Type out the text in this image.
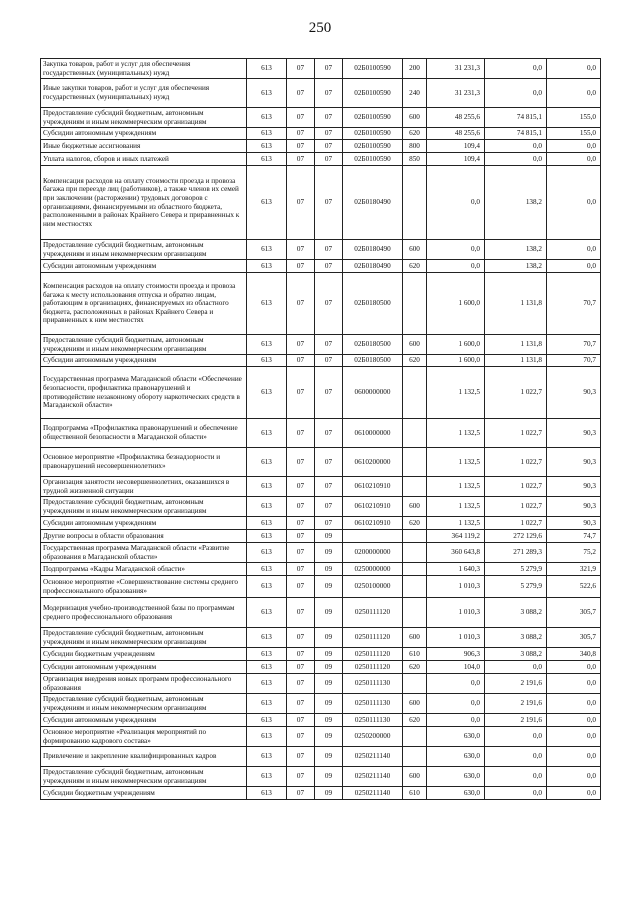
250
Закупка товаров, работ и услуг для обеспечения государственных (муниципальных) нужд	613	07	07	02Б0100590	200	31 231,3	0,0	0,0
Иные закупки товаров, работ и услуг для обеспечения государственных (муниципальных) нужд	613	07	07	02Б0100590	240	31 231,3	0,0	0,0
Предоставление субсидий бюджетным, автономным учреждениям и иным некоммерческим организациям	613	07	07	02Б0100590	600	48 255,6	74 815,1	155,0
Субсидии автономным учреждениям	613	07	07	02Б0100590	620	48 255,6	74 815,1	155,0
Иные бюджетные ассигнования	613	07	07	02Б0100590	800	109,4	0,0	0,0
Уплата налогов, сборов и иных платежей	613	07	07	02Б0100590	850	109,4	0,0	0,0
Компенсация расходов на оплату стоимости проезда и провоза багажа при переезде лиц (работников), а также членов их семей при заключении (расторжении) трудовых договоров с организациями, финансируемыми из областного бюджета, расположенными в районах Крайнего Севера и приравненных к ним местностях	613	07	07	02Б0180490		0,0	138,2	0,0
Предоставление субсидий бюджетным, автономным учреждениям и иным некоммерческим организациям	613	07	07	02Б0180490	600	0,0	138,2	0,0
Субсидии автономным учреждениям	613	07	07	02Б0180490	620	0,0	138,2	0,0
Компенсация расходов на оплату стоимости проезда и провоза багажа к месту использования отпуска и обратно лицам, работающим в организациях, финансируемых из областного бюджета, расположенных в районах Крайнего Севера и приравненных к ним местностях	613	07	07	02Б0180500		1 600,0	1 131,8	70,7
Предоставление субсидий бюджетным, автономным учреждениям и иным некоммерческим организациям	613	07	07	02Б0180500	600	1 600,0	1 131,8	70,7
Субсидии автономным учреждениям	613	07	07	02Б0180500	620	1 600,0	1 131,8	70,7
Государственная программа Магаданской области «Обеспечение безопасности, профилактика правонарушений и противодействие незаконному обороту наркотических средств в Магаданской области»	613	07	07	0600000000		1 132,5	1 022,7	90,3
Подпрограмма «Профилактика правонарушений и обеспечение общественной безопасности в Магаданской области»	613	07	07	0610000000		1 132,5	1 022,7	90,3
Основное мероприятие «Профилактика безнадзорности и правонарушений несовершеннолетних»	613	07	07	0610200000		1 132,5	1 022,7	90,3
Организация занятости несовершеннолетних, оказавшихся в трудной жизненной ситуации	613	07	07	0610210910		1 132,5	1 022,7	90,3
Предоставление субсидий бюджетным, автономным учреждениям и иным некоммерческим организациям	613	07	07	0610210910	600	1 132,5	1 022,7	90,3
Субсидии автономным учреждениям	613	07	07	0610210910	620	1 132,5	1 022,7	90,3
Другие вопросы в области образования	613	07	09			364 119,2	272 129,6	74,7
Государственная программа Магаданской области «Развитие образования в Магаданской области»	613	07	09	0200000000		360 643,8	271 289,3	75,2
Подпрограмма «Кадры Магаданской области»	613	07	09	0250000000		1 640,3	5 279,9	321,9
Основное мероприятие «Совершенствование системы среднего профессионального образования»	613	07	09	0250100000		1 010,3	5 279,9	522,6
Модернизация учебно-производственной базы по программам среднего профессионального образования	613	07	09	0250111120		1 010,3	3 088,2	305,7
Предоставление субсидий бюджетным, автономным учреждениям и иным некоммерческим организациям	613	07	09	0250111120	600	1 010,3	3 088,2	305,7
Субсидии бюджетным учреждениям	613	07	09	0250111120	610	906,3	3 088,2	340,8
Субсидии автономным учреждениям	613	07	09	0250111120	620	104,0	0,0	0,0
Организация внедрения новых программ профессионального образования	613	07	09	0250111130		0,0	2 191,6	0,0
Предоставление субсидий бюджетным, автономным учреждениям и иным некоммерческим организациям	613	07	09	0250111130	600	0,0	2 191,6	0,0
Субсидии автономным учреждениям	613	07	09	0250111130	620	0,0	2 191,6	0,0
Основное мероприятие «Реализация мероприятий по формированию кадрового состава»	613	07	09	0250200000		630,0	0,0	0,0
Привлечение и закрепление квалифицированных кадров	613	07	09	0250211140		630,0	0,0	0,0
Предоставление субсидий бюджетным, автономным учреждениям и иным некоммерческим организациям	613	07	09	0250211140	600	630,0	0,0	0,0
Субсидии бюджетным учреждениям	613	07	09	0250211140	610	630,0	0,0	0,0
